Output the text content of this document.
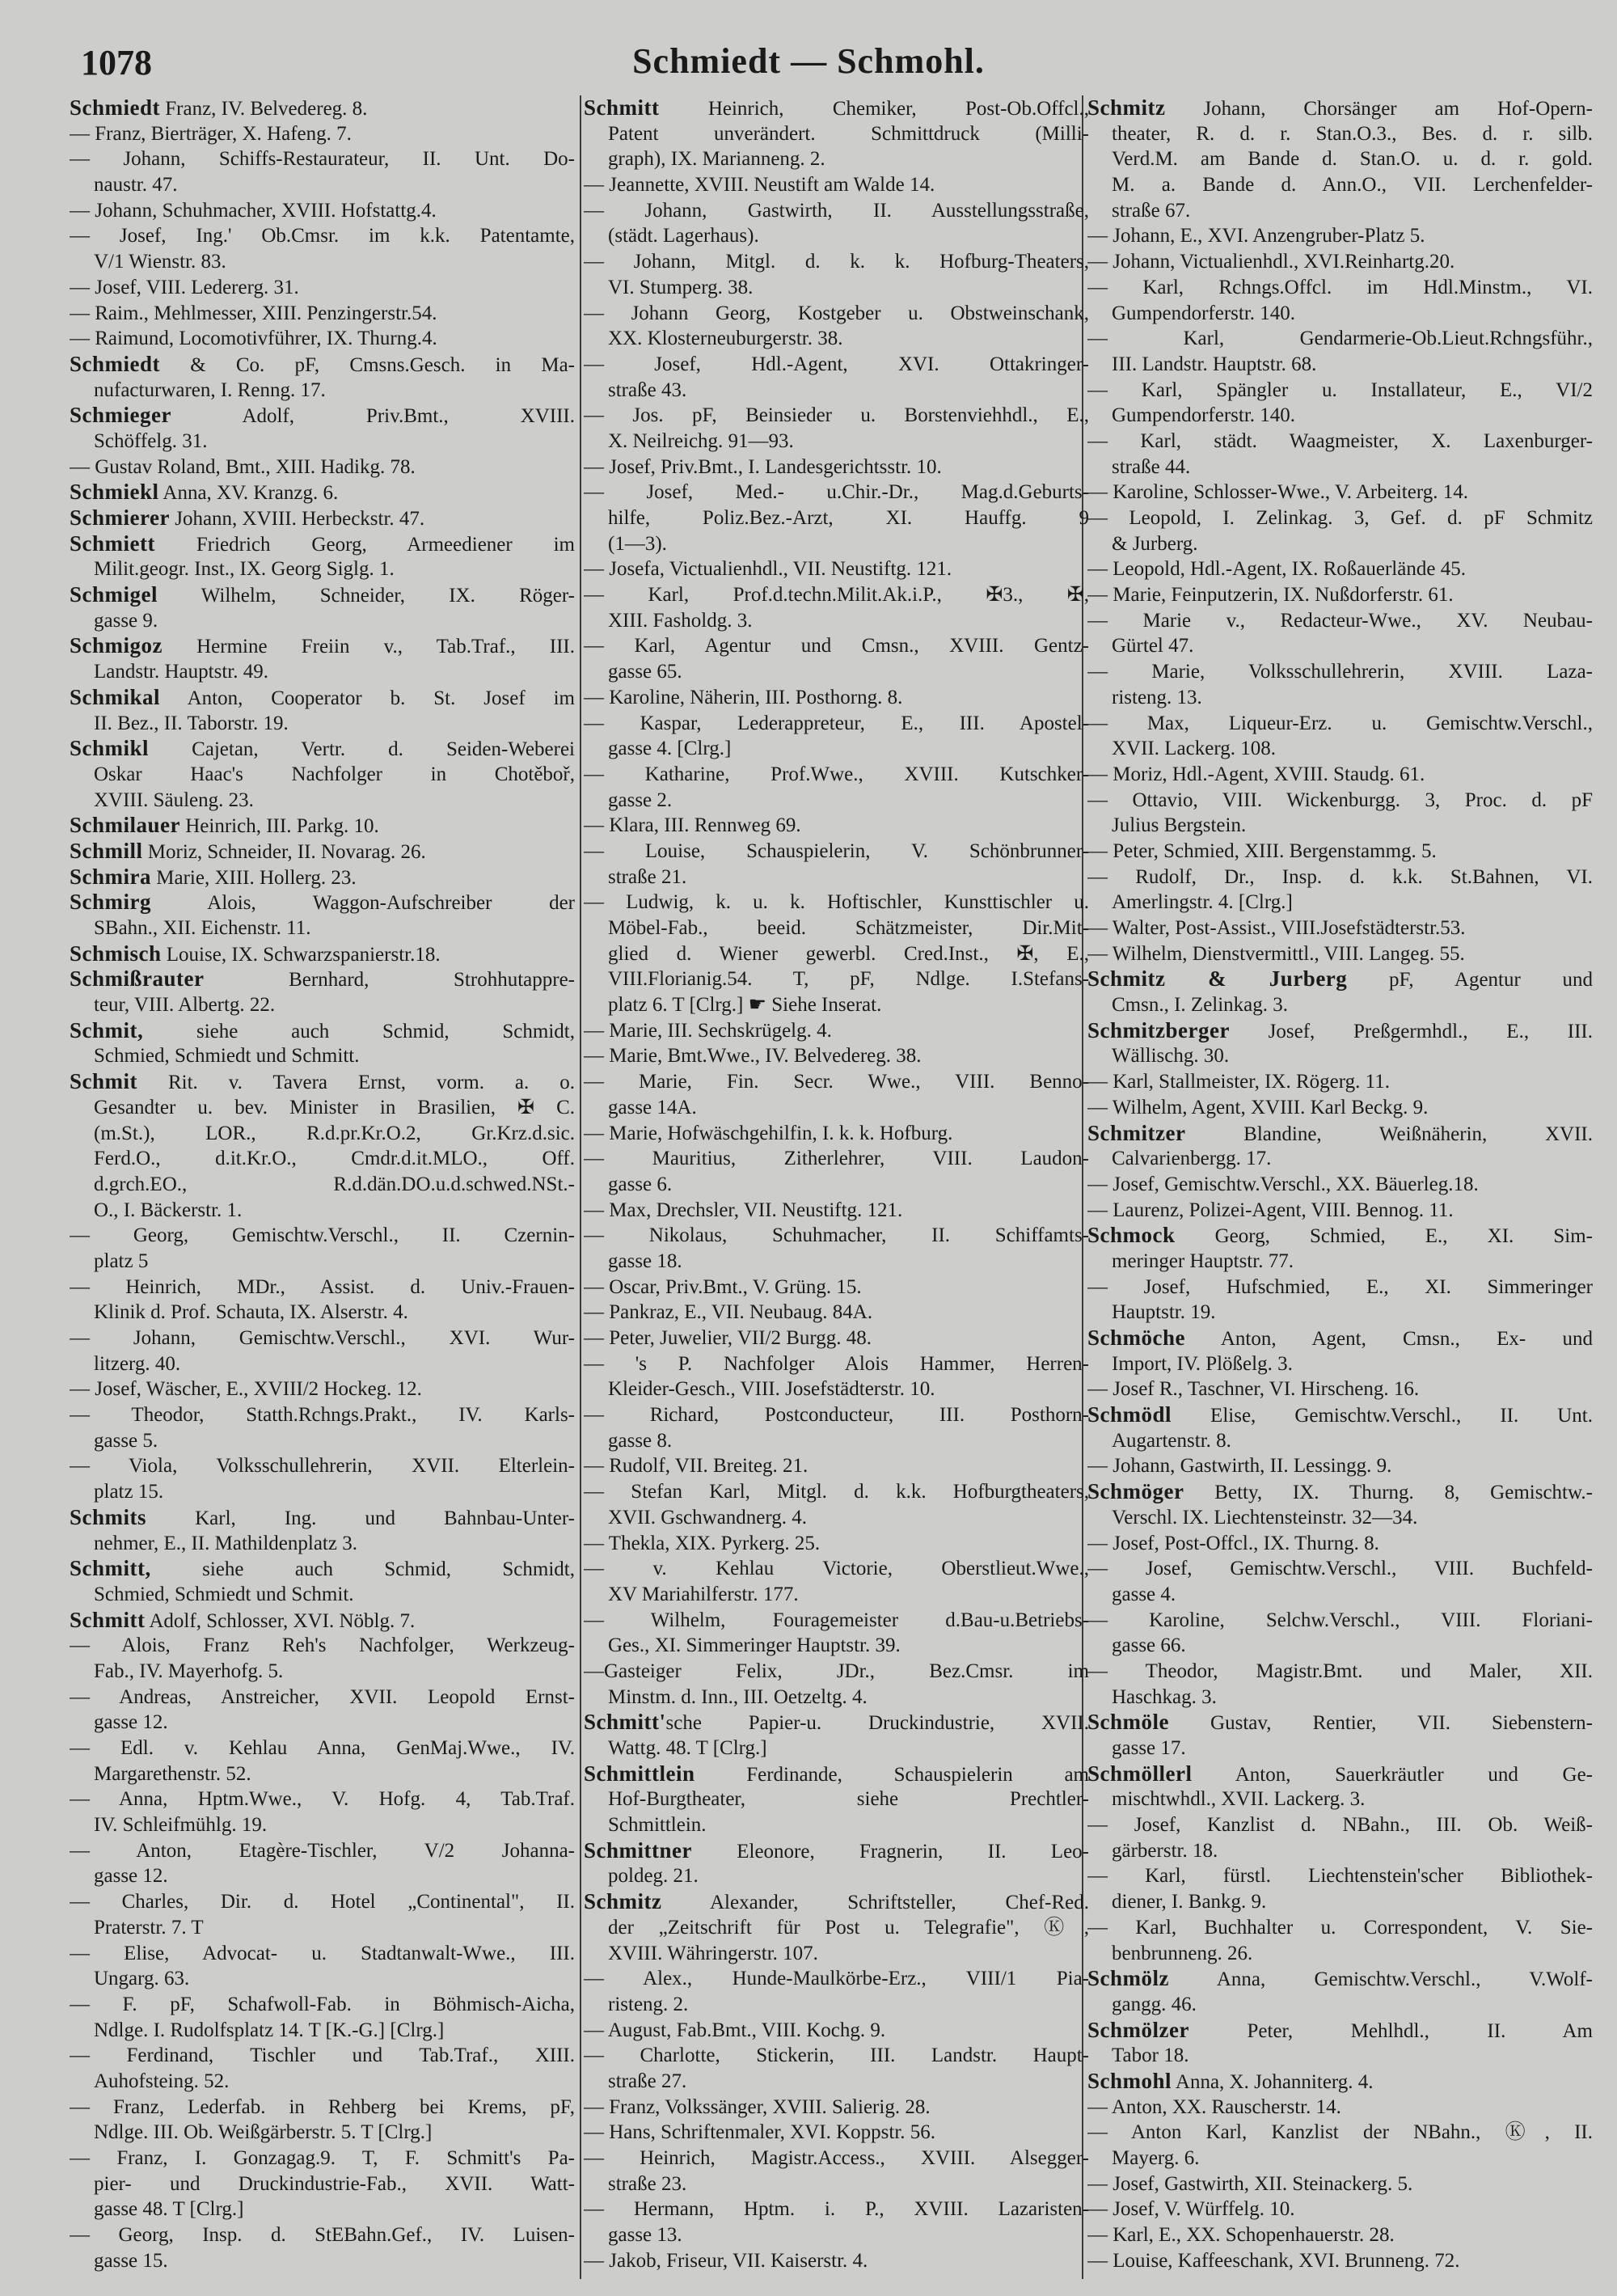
1078	Schmiedt — Schmohl.
Schmiedt Franz, IV. Belvedereg. 8.
— Franz, Bierträger, X. Hafeng. 7.
— Johann, Schiffs-Restaurateur, II. Unt. Do-
naustr. 47.
— Johann, Schuhmacher, XVIII. Hofstattg.4.
— Josef, Ing.' Ob.Cmsr. im k.k. Patentamte,
V/1 Wienstr. 83.
— Josef, VIII. Ledererg. 31.
— Raim., Mehlmesser, XIII. Penzingerstr.54.
— Raimund, Locomotivführer, IX. Thurng.4.
Schmiedt & Co. pF, Cmsns.Gesch. in Ma-
nufacturwaren, I. Renng. 17.
Schmieger Adolf, Priv.Bmt., XVIII.
Schöffelg. 31.
— Gustav Roland, Bmt., XIII. Hadikg. 78.
Schmiekl Anna, XV. Kranzg. 6.
Schmierer Johann, XVIII. Herbeckstr. 47.
Schmiett Friedrich Georg, Armeediener im
Milit.geogr. Inst., IX. Georg Siglg. 1.
Schmigel Wilhelm, Schneider, IX. Röger-
gasse 9.
Schmigoz Hermine Freiin v., Tab.Traf., III.
Landstr. Hauptstr. 49.
Schmikal Anton, Cooperator b. St. Josef im
II. Bez., II. Taborstr. 19.
Schmikl Cajetan, Vertr. d. Seiden-Weberei
Oskar Haac's Nachfolger in Chotěboř,
XVIII. Säuleng. 23.
Schmilauer Heinrich, III. Parkg. 10.
Schmill Moriz, Schneider, II. Novarag. 26.
Schmira Marie, XIII. Hollerg. 23.
Schmirg Alois, Waggon-Aufschreiber der
SBahn., XII. Eichenstr. 11.
Schmisch Louise, IX. Schwarzspanierstr.18.
Schmißrauter Bernhard, Strohhutappre-
teur, VIII. Albertg. 22.
Schmit, siehe auch Schmid, Schmidt,
Schmied, Schmiedt und Schmitt.
Schmit Rit. v. Tavera Ernst, vorm. a. o.
Gesandter u. bev. Minister in Brasilien, ✠ C.
(m.St.), LOR., R.d.pr.Kr.O.2, Gr.Krz.d.sic.
Ferd.O., d.it.Kr.O., Cmdr.d.it.MLO., Off.
d.grch.EO., R.d.dän.DO.u.d.schwed.NSt.-
O., I. Bäckerstr. 1.
— Georg, Gemischtw.Verschl., II. Czernin-
platz 5
— Heinrich, MDr., Assist. d. Univ.-Frauen-
Klinik d. Prof. Schauta, IX. Alserstr. 4.
— Johann, Gemischtw.Verschl., XVI. Wur-
litzerg. 40.
— Josef, Wäscher, E., XVIII/2 Hockeg. 12.
— Theodor, Statth.Rchngs.Prakt., IV. Karls-
gasse 5.
— Viola, Volksschullehrerin, XVII. Elterlein-
platz 15.
Schmits Karl, Ing. und Bahnbau-Unter-
nehmer, E., II. Mathildenplatz 3.
Schmitt, siehe auch Schmid, Schmidt,
Schmied, Schmiedt und Schmit.
Schmitt Adolf, Schlosser, XVI. Nöblg. 7.
— Alois, Franz Reh's Nachfolger, Werkzeug-
Fab., IV. Mayerhofg. 5.
— Andreas, Anstreicher, XVII. Leopold Ernst-
gasse 12.
— Edl. v. Kehlau Anna, GenMaj.Wwe., IV.
Margarethenstr. 52.
— Anna, Hptm.Wwe., V. Hofg. 4, Tab.Traf.
IV. Schleifmühlg. 19.
— Anton, Etagère-Tischler, V/2 Johanna-
gasse 12.
— Charles, Dir. d. Hotel „Continental", II.
Praterstr. 7. T
— Elise, Advocat- u. Stadtanwalt-Wwe., III.
Ungarg. 63.
— F. pF, Schafwoll-Fab. in Böhmisch-Aicha,
Ndlge. I. Rudolfsplatz 14. T [K.-G.] [Clrg.]
— Ferdinand, Tischler und Tab.Traf., XIII.
Auhofsteing. 52.
— Franz, Lederfab. in Rehberg bei Krems, pF,
Ndlge. III. Ob. Weißgärberstr. 5. T [Clrg.]
— Franz, I. Gonzagag.9. T, F. Schmitt's Pa-
pier- und Druckindustrie-Fab., XVII. Watt-
gasse 48. T [Clrg.]
— Georg, Insp. d. StEBahn.Gef., IV. Luisen-
gasse 15.
Schmitt Heinrich, Chemiker, Post-Ob.Offcl.,
Patent unverändert. Schmittdruck (Milli-
graph), IX. Marianneng. 2.
— Jeannette, XVIII. Neustift am Walde 14.
— Johann, Gastwirth, II. Ausstellungsstraße,
(städt. Lagerhaus).
— Johann, Mitgl. d. k. k. Hofburg-Theaters,
VI. Stumperg. 38.
— Johann Georg, Kostgeber u. Obstweinschank,
XX. Klosterneuburgerstr. 38.
— Josef, Hdl.-Agent, XVI. Ottakringer-
straße 43.
— Jos. pF, Beinsieder u. Borstenviehhdl., E.,
X. Neilreichg. 91—93.
— Josef, Priv.Bmt., I. Landesgerichtsstr. 10.
— Josef, Med.- u.Chir.-Dr., Mag.d.Geburts-
hilfe, Poliz.Bez.-Arzt, XI. Hauffg. 9
(1—3).
— Josefa, Victualienhdl., VII. Neustiftg. 121.
— Karl, Prof.d.techn.Milit.Ak.i.P., ✠3., ✠,
XIII. Fasholdg. 3.
— Karl, Agentur und Cmsn., XVIII. Gentz-
gasse 65.
— Karoline, Näherin, III. Posthorng. 8.
— Kaspar, Lederappreteur, E., III. Apostel-
gasse 4. [Clrg.]
— Katharine, Prof.Wwe., XVIII. Kutschker-
gasse 2.
— Klara, III. Rennweg 69.
— Louise, Schauspielerin, V. Schönbrunner-
straße 21.
— Ludwig, k. u. k. Hoftischler, Kunsttischler u.
Möbel-Fab., beeid. Schätzmeister, Dir.Mit-
glied d. Wiener gewerbl. Cred.Inst., ✠, E.,
VIII.Florianig.54. T, pF, Ndlge. I.Stefans-
platz 6. T [Clrg.] ☛ Siehe Inserat.
— Marie, III. Sechskrügelg. 4.
— Marie, Bmt.Wwe., IV. Belvedereg. 38.
— Marie, Fin. Secr. Wwe., VIII. Benno-
gasse 14A.
— Marie, Hofwäschgehilfin, I. k. k. Hofburg.
— Mauritius, Zitherlehrer, VIII. Laudon-
gasse 6.
— Max, Drechsler, VII. Neustiftg. 121.
— Nikolaus, Schuhmacher, II. Schiffamts-
gasse 18.
— Oscar, Priv.Bmt., V. Grüng. 15.
— Pankraz, E., VII. Neubaug. 84A.
— Peter, Juwelier, VII/2 Burgg. 48.
— 's P. Nachfolger Alois Hammer, Herren-
Kleider-Gesch., VIII. Josefstädterstr. 10.
— Richard, Postconducteur, III. Posthorn-
gasse 8.
— Rudolf, VII. Breiteg. 21.
— Stefan Karl, Mitgl. d. k.k. Hofburgtheaters,
XVII. Gschwandnerg. 4.
— Thekla, XIX. Pyrkerg. 25.
— v. Kehlau Victorie, Oberstlieut.Wwe.,
XV Mariahilferstr. 177.
— Wilhelm, Fouragemeister d.Bau-u.Betriebs-
Ges., XI. Simmeringer Hauptstr. 39.
—Gasteiger Felix, JDr., Bez.Cmsr. im
Minstm. d. Inn., III. Oetzeltg. 4.
Schmitt'sche Papier-u. Druckindustrie, XVII.
Wattg. 48. T [Clrg.]
Schmittlein Ferdinande, Schauspielerin am
Hof-Burgtheater, siehe Prechtler-
Schmittlein.
Schmittner Eleonore, Fragnerin, II. Leo-
poldeg. 21.
Schmitz Alexander, Schriftsteller, Chef-Red.
der „Zeitschrift für Post u. Telegrafie", Ⓚ,
XVIII. Währingerstr. 107.
— Alex., Hunde-Maulkörbe-Erz., VIII/1 Pia-
risteng. 2.
— August, Fab.Bmt., VIII. Kochg. 9.
— Charlotte, Stickerin, III. Landstr. Haupt-
straße 27.
— Franz, Volkssänger, XVIII. Salierig. 28.
— Hans, Schriftenmaler, XVI. Koppstr. 56.
— Heinrich, Magistr.Access., XVIII. Alsegger-
straße 23.
— Hermann, Hptm. i. P., XVIII. Lazaristen-
gasse 13.
— Jakob, Friseur, VII. Kaiserstr. 4.
Schmitz Johann, Chorsänger am Hof-Opern-
theater, R. d. r. Stan.O.3., Bes. d. r. silb.
Verd.M. am Bande d. Stan.O. u. d. r. gold.
M. a. Bande d. Ann.O., VII. Lerchenfelder-
straße 67.
— Johann, E., XVI. Anzengruber-Platz 5.
— Johann, Victualienhdl., XVI.Reinhartg.20.
— Karl, Rchngs.Offcl. im Hdl.Minstm., VI.
Gumpendorferstr. 140.
— Karl, Gendarmerie-Ob.Lieut.Rchngsführ.,
III. Landstr. Hauptstr. 68.
— Karl, Spängler u. Installateur, E., VI/2
Gumpendorferstr. 140.
— Karl, städt. Waagmeister, X. Laxenburger-
straße 44.
— Karoline, Schlosser-Wwe., V. Arbeiterg. 14.
— Leopold, I. Zelinkag. 3, Gef. d. pF Schmitz
& Jurberg.
— Leopold, Hdl.-Agent, IX. Roßauerlände 45.
— Marie, Feinputzerin, IX. Nußdorferstr. 61.
— Marie v., Redacteur-Wwe., XV. Neubau-
Gürtel 47.
— Marie, Volksschullehrerin, XVIII. Laza-
risteng. 13.
— Max, Liqueur-Erz. u. Gemischtw.Verschl.,
XVII. Lackerg. 108.
— Moriz, Hdl.-Agent, XVIII. Staudg. 61.
— Ottavio, VIII. Wickenburgg. 3, Proc. d. pF
Julius Bergstein.
— Peter, Schmied, XIII. Bergenstammg. 5.
— Rudolf, Dr., Insp. d. k.k. St.Bahnen, VI.
Amerlingstr. 4. [Clrg.]
— Walter, Post-Assist., VIII.Josefstädterstr.53.
— Wilhelm, Dienstvermittl., VIII. Langeg. 55.
Schmitz & Jurberg pF, Agentur und
Cmsn., I. Zelinkag. 3.
Schmitzberger Josef, Preßgermhdl., E., III.
Wällischg. 30.
— Karl, Stallmeister, IX. Rögerg. 11.
— Wilhelm, Agent, XVIII. Karl Beckg. 9.
Schmitzer Blandine, Weißnäherin, XVII.
Calvarienbergg. 17.
— Josef, Gemischtw.Verschl., XX. Bäuerleg.18.
— Laurenz, Polizei-Agent, VIII. Bennog. 11.
Schmock Georg, Schmied, E., XI. Sim-
meringer Hauptstr. 77.
— Josef, Hufschmied, E., XI. Simmeringer
Hauptstr. 19.
Schmöche Anton, Agent, Cmsn., Ex- und
Import, IV. Plößelg. 3.
— Josef R., Taschner, VI. Hirscheng. 16.
Schmödl Elise, Gemischtw.Verschl., II. Unt.
Augartenstr. 8.
— Johann, Gastwirth, II. Lessingg. 9.
Schmöger Betty, IX. Thurng. 8, Gemischtw.-
Verschl. IX. Liechtensteinstr. 32—34.
— Josef, Post-Offcl., IX. Thurng. 8.
— Josef, Gemischtw.Verschl., VIII. Buchfeld-
gasse 4.
— Karoline, Selchw.Verschl., VIII. Floriani-
gasse 66.
— Theodor, Magistr.Bmt. und Maler, XII.
Haschkag. 3.
Schmöle Gustav, Rentier, VII. Siebenstern-
gasse 17.
Schmöllerl Anton, Sauerkräutler und Ge-
mischtwhdl., XVII. Lackerg. 3.
— Josef, Kanzlist d. NBahn., III. Ob. Weiß-
gärberstr. 18.
— Karl, fürstl. Liechtenstein'scher Bibliothek-
diener, I. Bankg. 9.
— Karl, Buchhalter u. Correspondent, V. Sie-
benbrunneng. 26.
Schmölz Anna, Gemischtw.Verschl., V.Wolf-
gangg. 46.
Schmölzer Peter, Mehlhdl., II. Am
Tabor 18.
Schmohl Anna, X. Johanniterg. 4.
— Anton, XX. Rauscherstr. 14.
— Anton Karl, Kanzlist der NBahn., Ⓚ, II.
Mayerg. 6.
— Josef, Gastwirth, XII. Steinackerg. 5.
— Josef, V. Würffelg. 10.
— Karl, E., XX. Schopenhauerstr. 28.
— Louise, Kaffeeschank, XVI. Brunneng. 72.
